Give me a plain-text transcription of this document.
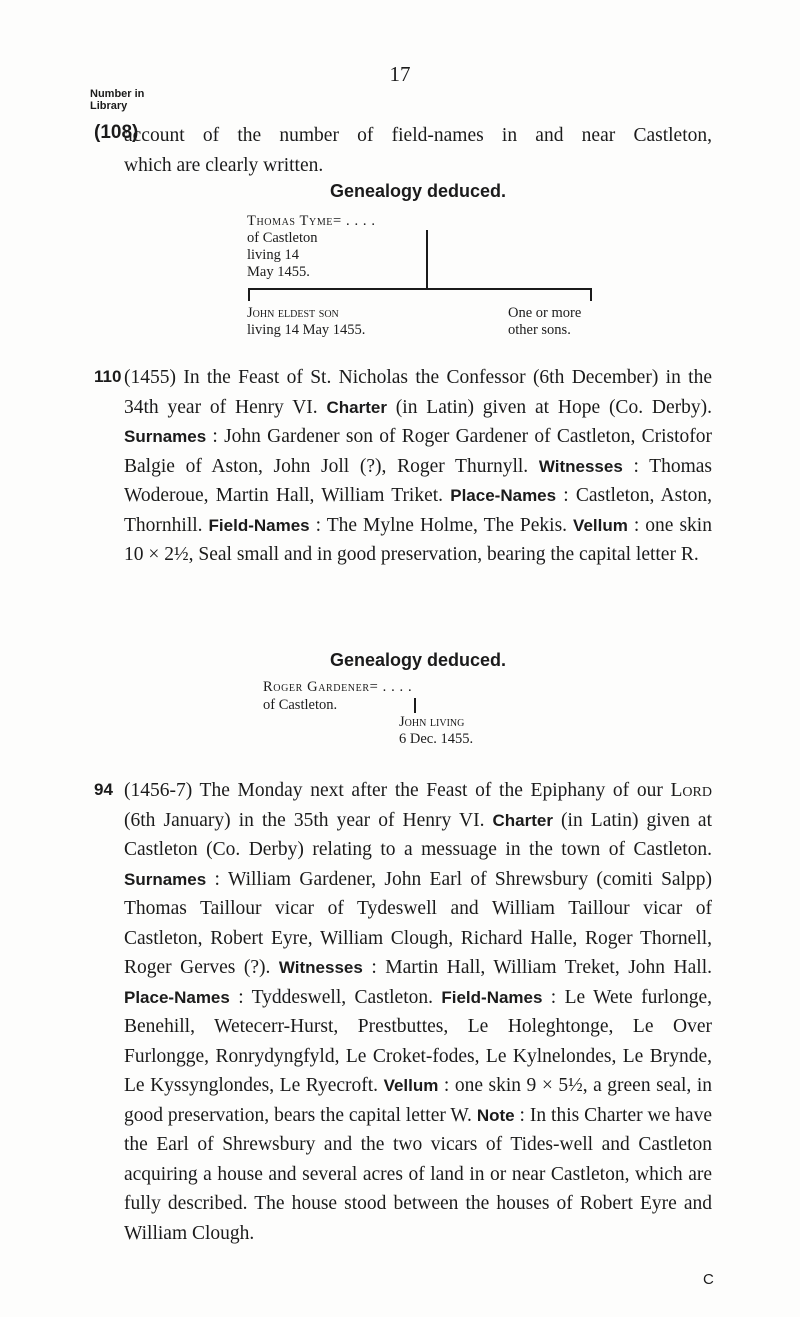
17
Number in
Library
(108)
account of the number of field-names in and near Castleton,
which are clearly written.
Genealogy deduced.
Thomas Tyme= . . . .
of Castleton
living 14
May 1455.
John eldest son
living 14 May 1455.
One or more
other sons.
110 (1455) In the Feast of St. Nicholas the Confessor (6th December) in the 34th year of Henry VI. Charter (in Latin) given at Hope (Co. Derby). Surnames : John Gardener son of Roger Gardener of Castleton, Cristofor Balgie of Aston, John Joll (?), Roger Thurnyll. Witnesses : Thomas Woderoue, Martin Hall, William Triket. Place-Names : Castleton, Aston, Thornhill. Field-Names : The Mylne Holme, The Pekis. Vellum : one skin 10 × 2½, Seal small and in good preservation, bearing the capital letter R.

Genealogy deduced.
Roger Gardener= . . . .
of Castleton.
John living
6 Dec. 1455.
94 (1456-7) The Monday next after the Feast of the Epiphany of our Lord (6th January) in the 35th year of Henry VI. Charter (in Latin) given at Castleton (Co. Derby) relating to a messuage in the town of Castleton. Surnames : William Gardener, John Earl of Shrewsbury (comiti Salpp) Thomas Taillour vicar of Tydeswell and William Taillour vicar of Castleton, Robert Eyre, William Clough, Richard Halle, Roger Thornell, Roger Gerves (?). Witnesses : Martin Hall, William Treket, John Hall. Place-Names : Tyddeswell, Castleton. Field-Names : Le Wete furlonge, Benehill, Wetecerr-Hurst, Prestbuttes, Le Holeghtonge, Le Over Furlongge, Ronrydyngfyld, Le Croket-fodes, Le Kylnelondes, Le Brynde, Le Kyssynglondes, Le Ryecroft. Vellum : one skin 9 × 5½, a green seal, in good preservation, bears the capital letter W. Note : In this Charter we have the Earl of Shrewsbury and the two vicars of Tides-well and Castleton acquiring a house and several acres of land in or near Castleton, which are fully described. The house stood between the houses of Robert Eyre and William Clough.

C
